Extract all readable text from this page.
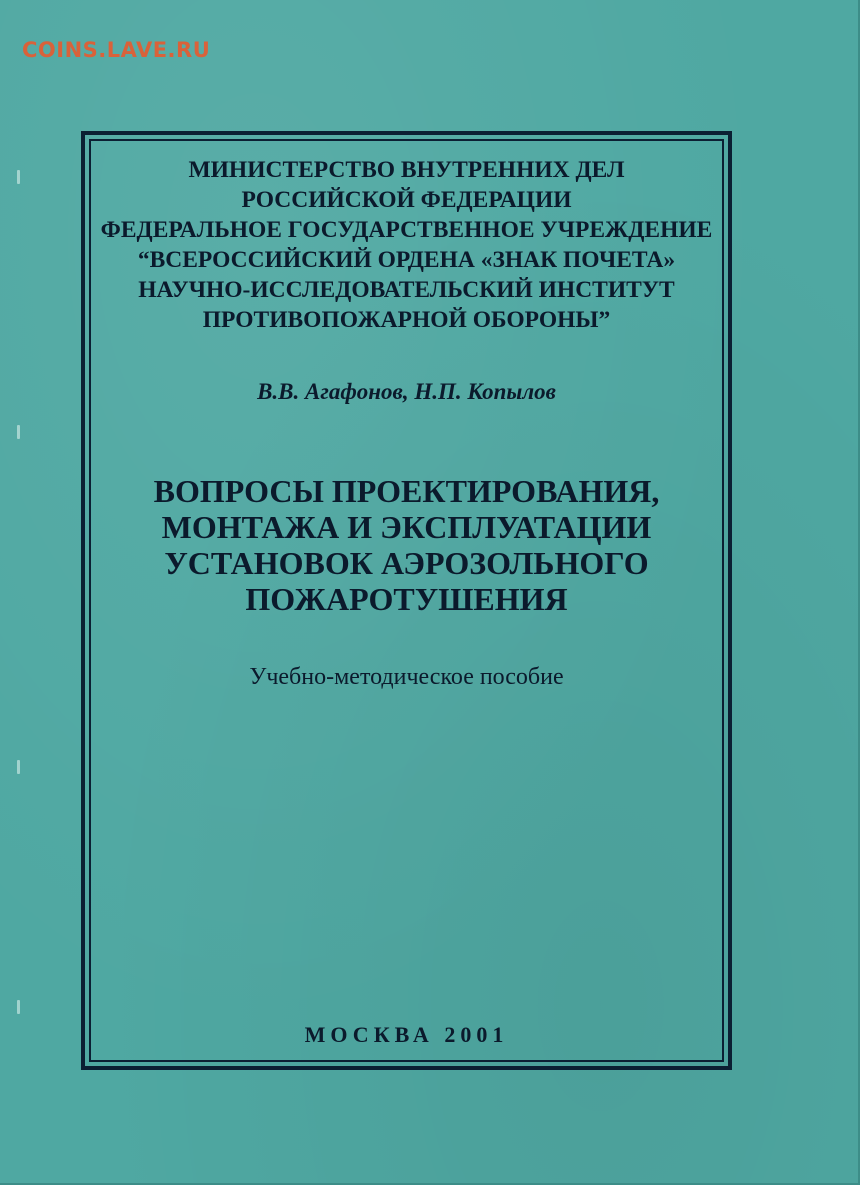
COINS.LAVE.RU
МИНИСТЕРСТВО ВНУТРЕННИХ ДЕЛ
РОССИЙСКОЙ ФЕДЕРАЦИИ
ФЕДЕРАЛЬНОЕ ГОСУДАРСТВЕННОЕ УЧРЕЖДЕНИЕ
“ВСЕРОССИЙСКИЙ ОРДЕНА «ЗНАК ПОЧЕТА»
НАУЧНО-ИССЛЕДОВАТЕЛЬСКИЙ ИНСТИТУТ
ПРОТИВОПОЖАРНОЙ ОБОРОНЫ”
В.В. Агафонов, Н.П. Копылов
ВОПРОСЫ ПРОЕКТИРОВАНИЯ,
МОНТАЖА И ЭКСПЛУАТАЦИИ
УСТАНОВОК АЭРОЗОЛЬНОГО
ПОЖАРОТУШЕНИЯ
Учебно-методическое пособие
МОСКВА 2001
